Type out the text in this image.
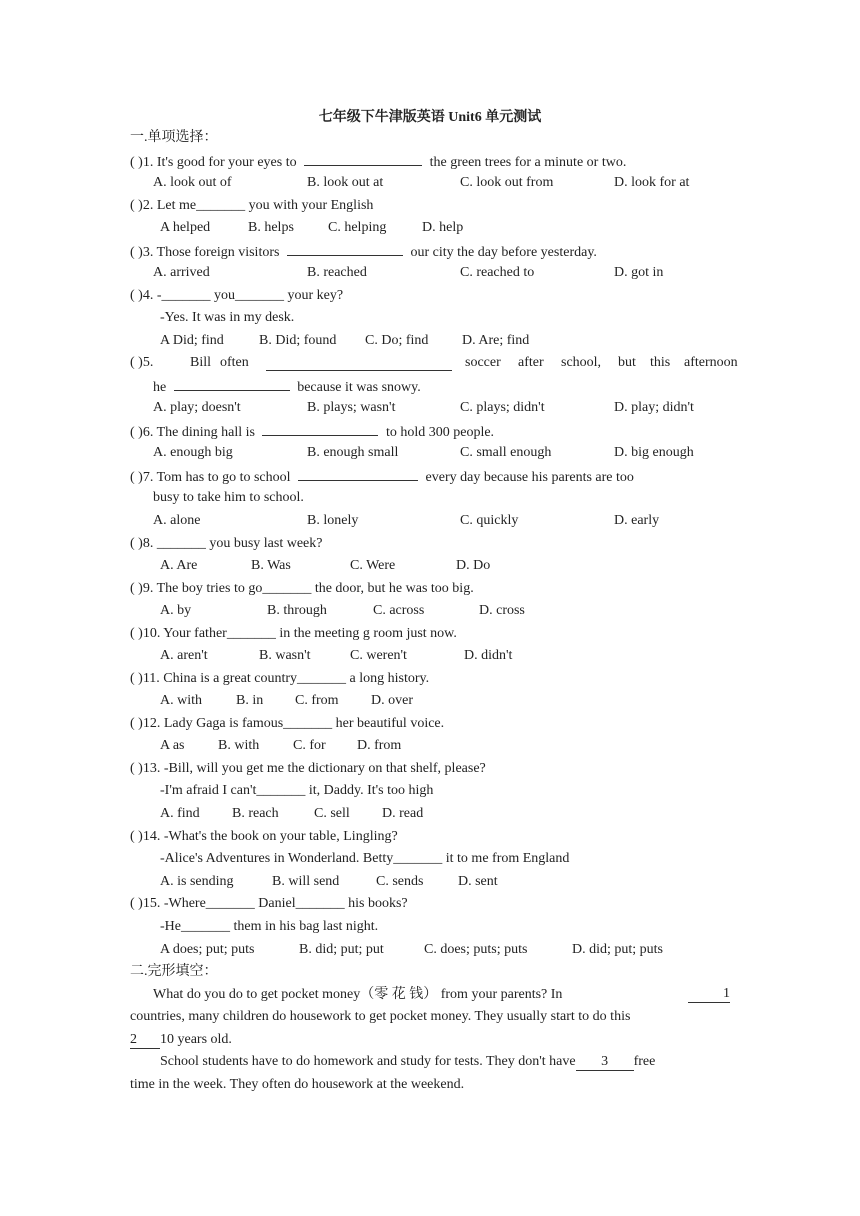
七年级下牛津版英语 Unit6 单元测试
一.单项选择：
( )1. It's good for your eyes to	the green trees for a minute or two.
A. look out of	B. look out at	C. look out from	D. look for at
( )2. Let me_______ you with your English
A helped	B. helps C. helping	D. help
( )3. Those foreign visitors	our city the day before yesterday.
A. arrived	B. reached	C. reached to	D. got in
( )4. -_______ you_______ your key?
-Yes. It was in my desk.
A Did; find	B. Did; found C. Do; find D. Are; find
( )5.	Bill often	soccer after school, but this afternoon
he	because it was snowy.
A. play; doesn't	B. plays; wasn't	C. plays; didn't	D. play; didn't
( )6. The dining hall is	to hold 300 people.
A. enough big	B. enough small	C. small enough	D. big enough
( )7. Tom has to go to school	every day because his parents are too
busy to take him to school.
A. alone	B. lonely	C. quickly	D. early
( )8. _______ you busy last week?
A. Are	B. Was	C. Were	D. Do
( )9. The boy tries to go_______ the door, but he was too big.
A. by	B. through	C. across	D. cross
( )10. Your father_______ in the meeting g room just now.
A. aren't	B. wasn't	C. weren't	D. didn't
( )11. China is a great country_______ a long history.
A. with B. in C. from D. over
( )12. Lady Gaga is famous_______ her beautiful voice.
A as B. with C. for D. from
( )13. -Bill, will you get me the dictionary on that shelf, please?
-I'm afraid I can't_______ it, Daddy. It's too high
A. find B. reach	C. sell D. read
( )14. -What's the book on your table, Lingling?
-Alice's Adventures in Wonderland. Betty_______ it to me from England
A. is sending	B. will send	C. sends D. sent
( )15. -Where_______ Daniel_______ his books?
-He_______ them in his bag last night.
A does; put; puts	B. did; put; put	C. does; puts; puts	D. did; put; puts
二.完形填空：
What do you do to get pocket money（零 花 钱） from your parents? In	1
countries, many children do housework to get pocket money. They usually start to do this
2 10 years old.
School students have to do homework and study for tests. They don't have 3 free
time in the week. They often do housework at the weekend.
